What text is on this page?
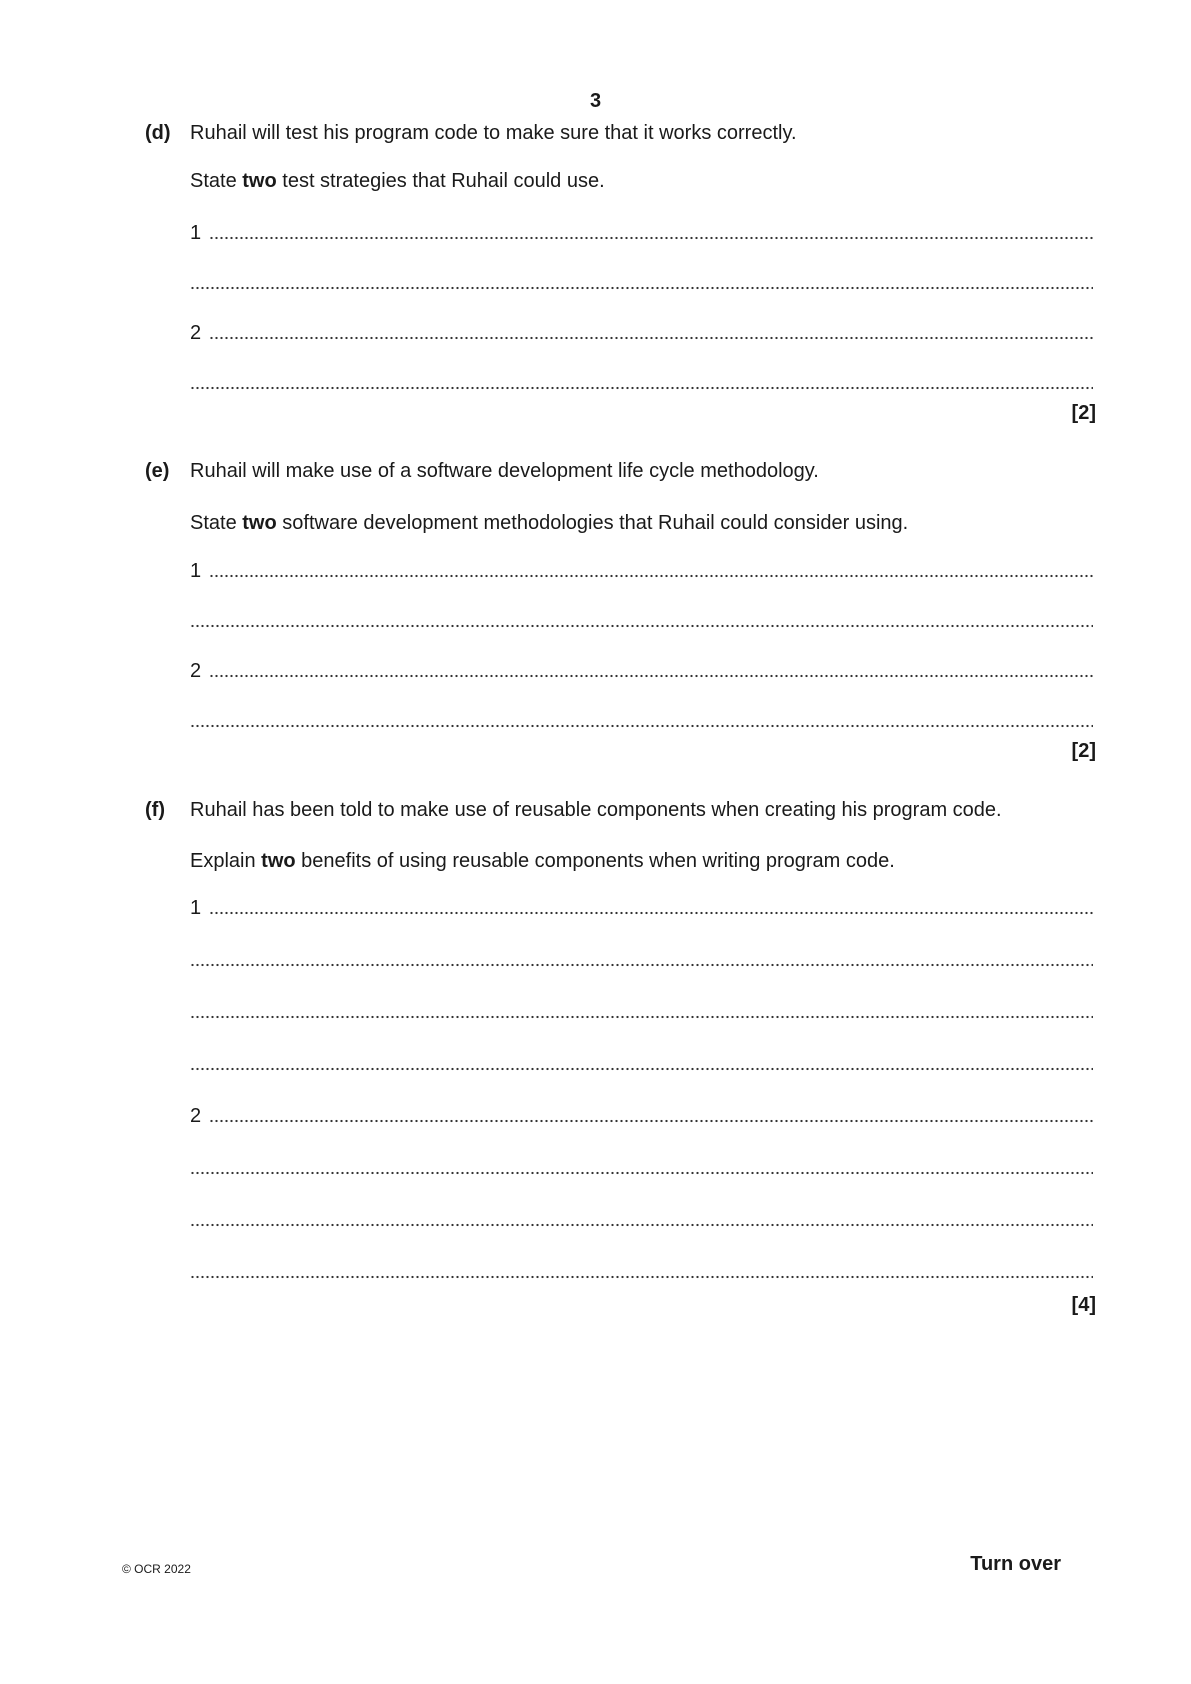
3
(d) Ruhail will test his program code to make sure that it works correctly.
State two test strategies that Ruhail could use.
1
2
[2]
(e) Ruhail will make use of a software development life cycle methodology.
State two software development methodologies that Ruhail could consider using.
1
2
[2]
(f) Ruhail has been told to make use of reusable components when creating his program code.
Explain two benefits of using reusable components when writing program code.
1
2
[4]
© OCR 2022	Turn over
